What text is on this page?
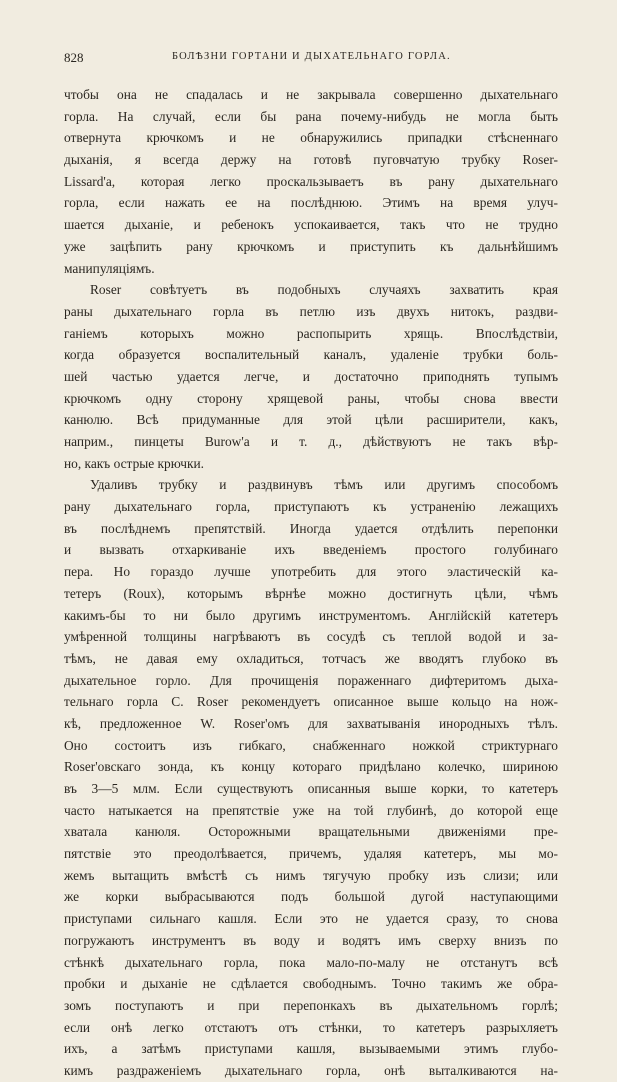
828	БОЛѢЗНИ ГОРТАНИ И ДЫХАТЕЛЬНАГО ГОРЛА.
чтобы она не спадалась и не закрывала совершенно дыхательнаго
горла. На случай, если бы рана почему-нибудь не могла быть
отвернута крючкомъ и не обнаружились припадки стѣсненнаго
дыханія, я всегда держу на готовѣ пуговчатую трубку Roser-
Lissard'а, которая легко проскальзываетъ въ рану дыхательнаго
горла, если нажать ее на послѣднюю. Этимъ на время улуч-
шается дыханіе, и ребенокъ успокаивается, такъ что не трудно
уже зацѣпить рану крючкомъ и приступить къ дальнѣйшимъ
манипуляціямъ.
Roser совѣтуетъ въ подобныхъ случаяхъ захватить края
раны дыхательнаго горла въ петлю изъ двухъ нитокъ, раздви-
ганіемъ которыхъ можно распопырить хрящь. Впослѣдствіи,
когда образуется воспалительный каналъ, удаленіе трубки боль-
шей частью удается легче, и достаточно приподнять тупымъ
крючкомъ одну сторону хрящевой раны, чтобы снова ввести
канюлю. Всѣ придуманные для этой цѣли расширители, какъ,
наприм., пинцеты Burow'а и т. д., дѣйствуютъ не такъ вѣр-
но, какъ острые крючки.
Удаливъ трубку и раздвинувъ тѣмъ или другимъ способомъ
рану дыхательнаго горла, приступаютъ къ устраненію лежащихъ
въ послѣднемъ препятствій. Иногда удается отдѣлить перепонки
и вызвать отхаркиваніе ихъ введеніемъ простого голубинаго
пера. Но гораздо лучше употребить для этого эластическій ка-
тетеръ (Roux), которымъ вѣрнѣе можно достигнуть цѣли, чѣмъ
какимъ-бы то ни было другимъ инструментомъ. Англійскій катетеръ
умѣренной толщины нагрѣваютъ въ сосудѣ съ теплой водой и за-
тѣмъ, не давая ему охладиться, тотчасъ же вводятъ глубоко въ
дыхательное горло. Для прочищенія пораженнаго дифтеритомъ дыха-
тельнаго горла C. Roser рекомендуетъ описанное выше кольцо на нож-
кѣ, предложенное W. Roser'омъ для захватыванія инородныхъ тѣлъ.
Оно состоитъ изъ гибкаго, снабженнаго ножкой стриктурнаго
Roser'овскаго зонда, къ концу котораго придѣлано колечко, шириною
въ 3—5 млм. Если существуютъ описанныя выше корки, то катетеръ
часто натыкается на препятствіе уже на той глубинѣ, до которой еще
хватала канюля. Осторожными вращательными движеніями пре-
пятствіе это преодолѣвается, причемъ, удаляя катетеръ, мы мо-
жемъ вытащить вмѣстѣ съ нимъ тягучую пробку изъ слизи; или
же корки выбрасываются подъ большой дугой наступающими
приступами сильнаго кашля. Если это не удается сразу, то снова
погружаютъ инструментъ въ воду и водятъ имъ сверху внизъ по
стѣнкѣ дыхательнаго горла, пока мало-по-малу не отстанутъ всѣ
пробки и дыханіе не сдѣлается свободнымъ. Точно такимъ же обра-
зомъ поступаютъ и при перепонкахъ въ дыхательномъ горлѣ;
если онѣ легко отстаютъ отъ стѣнки, то катетеръ разрыхляетъ
ихъ, а затѣмъ приступами кашля, вызываемыми этимъ глубо-
кимъ раздраженіемъ дыхательнаго горла, онѣ выталкиваются на-
